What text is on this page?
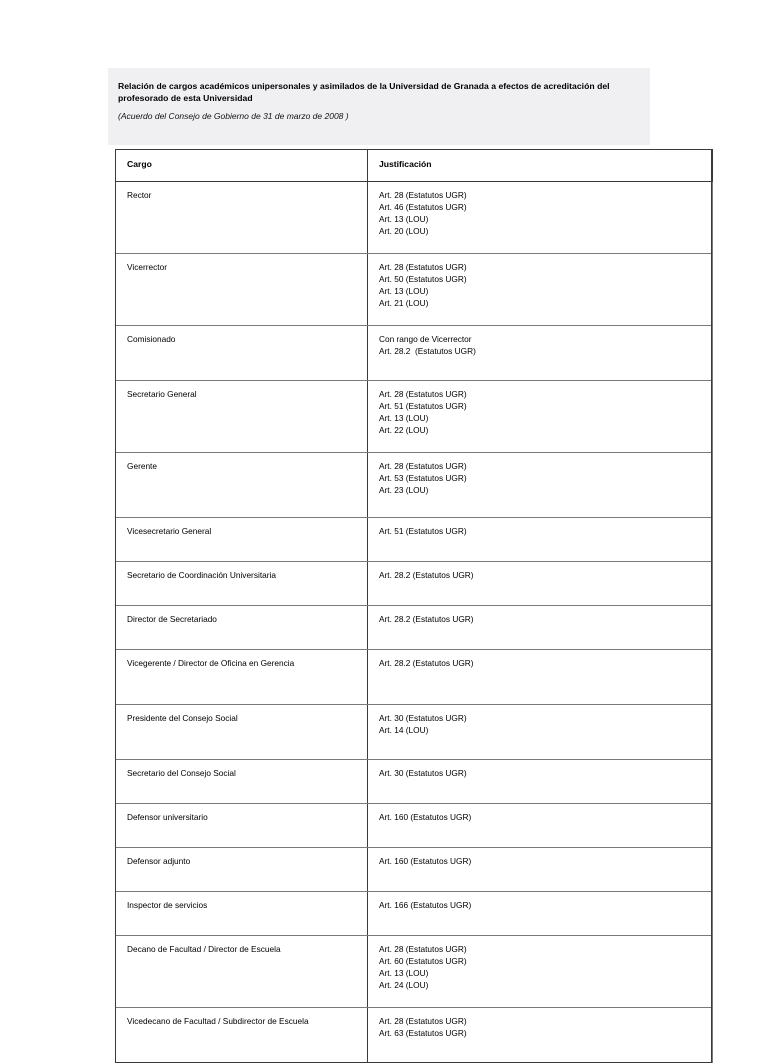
Relación de cargos académicos unipersonales y asimilados de la Universidad de Granada a efectos de acreditación del profesorado de esta Universidad
(Acuerdo del Consejo de Gobierno de 31 de marzo de 2008 )
Cargo	Justificación

Rector	Art. 28 (Estatutos UGR)
Art. 46 (Estatutos UGR)
Art. 13 (LOU)
Art. 20 (LOU)

Vicerrector	Art. 28 (Estatutos UGR)
Art. 50 (Estatutos UGR)
Art. 13 (LOU)
Art. 21 (LOU)

Comisionado	Con rango de Vicerrector
Art. 28.2  (Estatutos UGR)

Secretario General	Art. 28 (Estatutos UGR)
Art. 51 (Estatutos UGR)
Art. 13 (LOU)
Art. 22 (LOU)

Gerente	Art. 28 (Estatutos UGR)
Art. 53 (Estatutos UGR)
Art. 23 (LOU)

Vicesecretario General	Art. 51 (Estatutos UGR)

Secretario de Coordinación Universitaria	Art. 28.2 (Estatutos UGR)

Director de Secretariado	Art. 28.2 (Estatutos UGR)

Vicegerente / Director de Oficina en Gerencia	Art. 28.2 (Estatutos UGR)

Presidente del Consejo Social	Art. 30 (Estatutos UGR)
Art. 14 (LOU)

Secretario del Consejo Social	Art. 30 (Estatutos UGR)

Defensor universitario	Art. 160 (Estatutos UGR)

Defensor adjunto	Art. 160 (Estatutos UGR)

Inspector de servicios	Art. 166 (Estatutos UGR)

Decano de Facultad / Director de Escuela	Art. 28 (Estatutos UGR)
Art. 60 (Estatutos UGR)
Art. 13 (LOU)
Art. 24 (LOU)

Vicedecano de Facultad / Subdirector de Escuela	Art. 28 (Estatutos UGR)
Art. 63 (Estatutos UGR)
